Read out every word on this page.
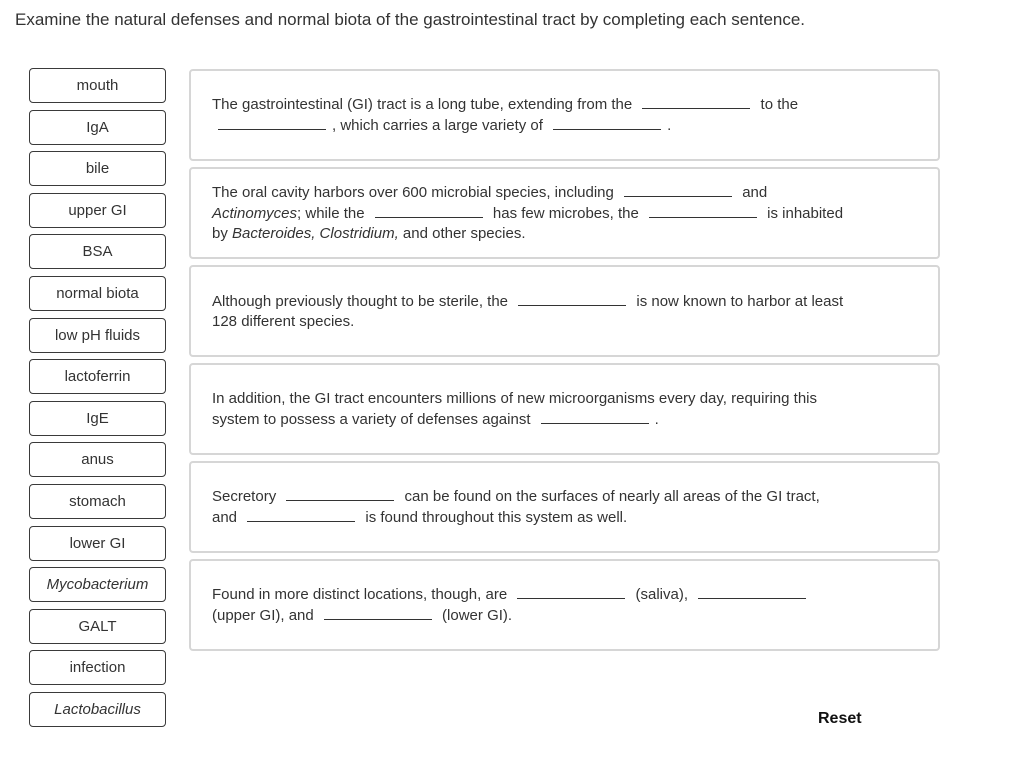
Examine the natural defenses and normal biota of the gastrointestinal tract by completing each sentence.
mouth
IgA
bile
upper GI
BSA
normal biota
low pH fluids
lactoferrin
IgE
anus
stomach
lower GI
Mycobacterium
GALT
infection
Lactobacillus
The gastrointestinal (GI) tract is a long tube, extending from the	to the
, which carries a large variety of	.
The oral cavity harbors over 600 microbial species, including	and
Actinomyces; while the	has few microbes, the	is inhabited
by Bacteroides, Clostridium, and other species.
Although previously thought to be sterile, the	is now known to harbor at least
128 different species.
In addition, the GI tract encounters millions of new microorganisms every day, requiring this
system to possess a variety of defenses against	.
Secretory	can be found on the surfaces of nearly all areas of the GI tract,
and	is found throughout this system as well.
Found in more distinct locations, though, are	(saliva),
(upper GI), and	(lower GI).
Reset
